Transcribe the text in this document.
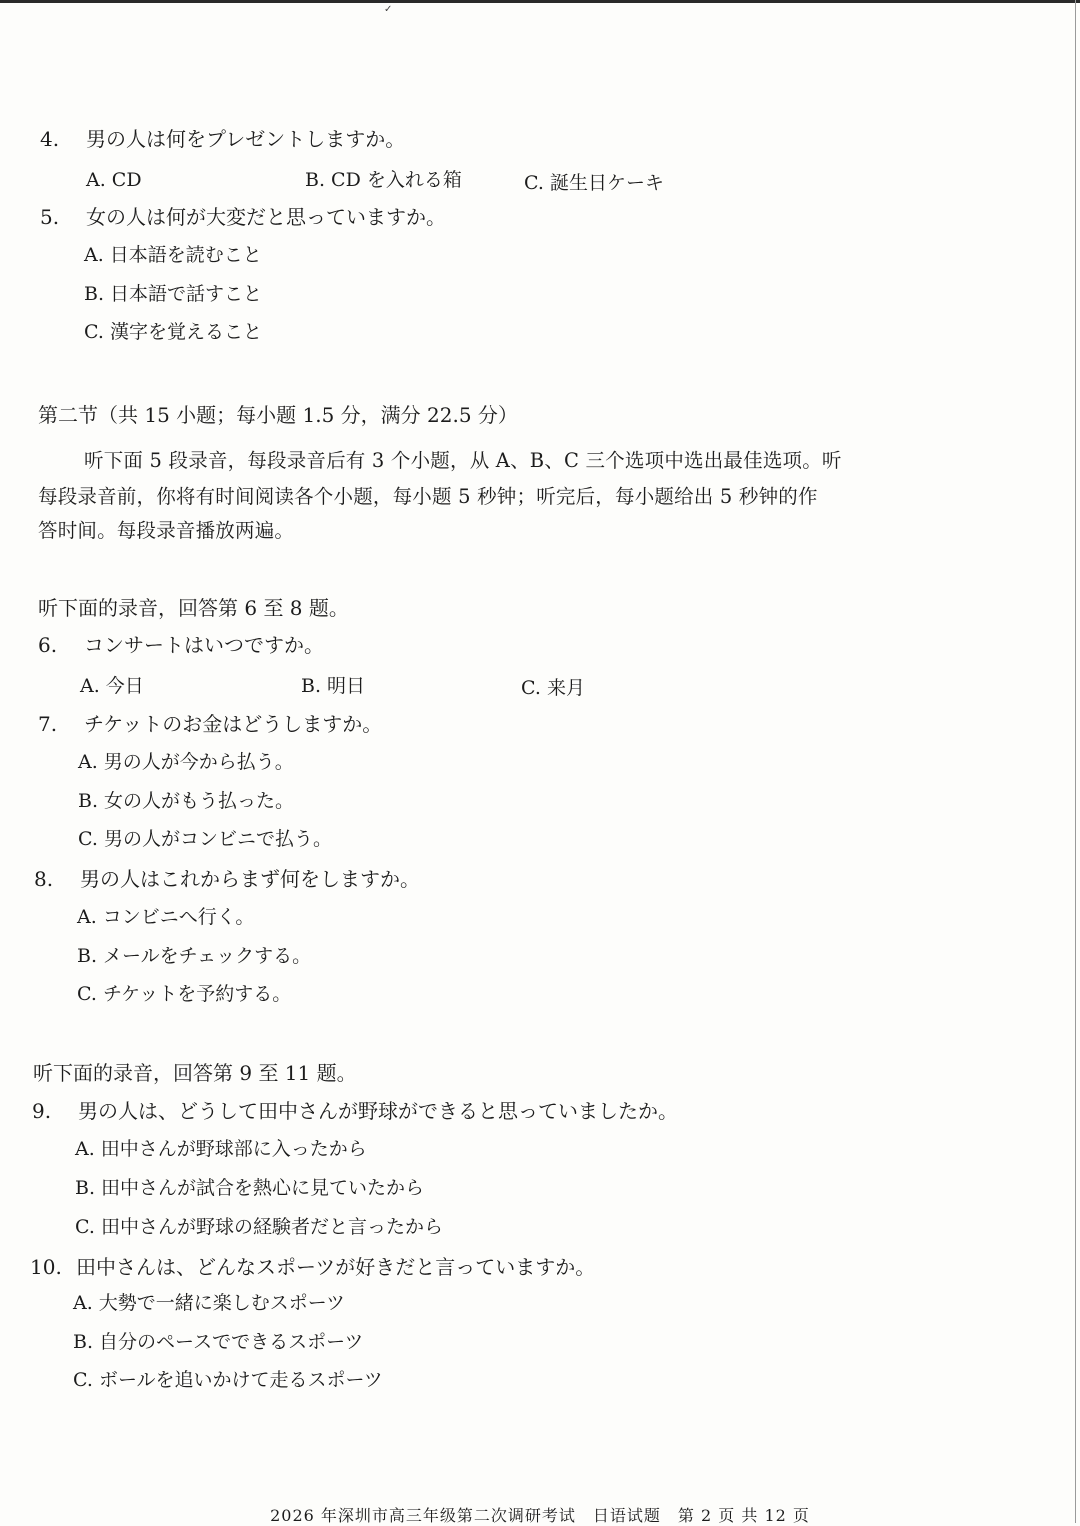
✓
4. 男の人は何をプレゼントしますか。
A. CD	B. CD を入れる箱	C. 誕生日ケーキ
5. 女の人は何が大変だと思っていますか。
A. 日本語を読むこと
B. 日本語で話すこと
C. 漢字を覚えること
第二节（共 15 小题；每小题 1.5 分，满分 22.5 分）
听下面 5 段录音，每段录音后有 3 个小题，从 A、B、C 三个选项中选出最佳选项。听
每段录音前，你将有时间阅读各个小题，每小题 5 秒钟；听完后，每小题给出 5 秒钟的作
答时间。每段录音播放两遍。
听下面的录音，回答第 6 至 8 题。
6. コンサートはいつですか。
A. 今日	B. 明日	C. 来月
7. チケットのお金はどうしますか。
A. 男の人が今から払う。
B. 女の人がもう払った。
C. 男の人がコンビニで払う。
8. 男の人はこれからまず何をしますか。
A. コンビニへ行く。
B. メールをチェックする。
C. チケットを予約する。
听下面的录音，回答第 9 至 11 题。
9. 男の人は、どうして田中さんが野球ができると思っていましたか。
A. 田中さんが野球部に入ったから
B. 田中さんが試合を熱心に見ていたから
C. 田中さんが野球の経験者だと言ったから
10. 田中さんは、どんなスポーツが好きだと言っていますか。
A. 大勢で一緒に楽しむスポーツ
B. 自分のペースでできるスポーツ
C. ボールを追いかけて走るスポーツ
2026 年深圳市高三年级第二次调研考试　日语试题　第 2 页 共 12 页
